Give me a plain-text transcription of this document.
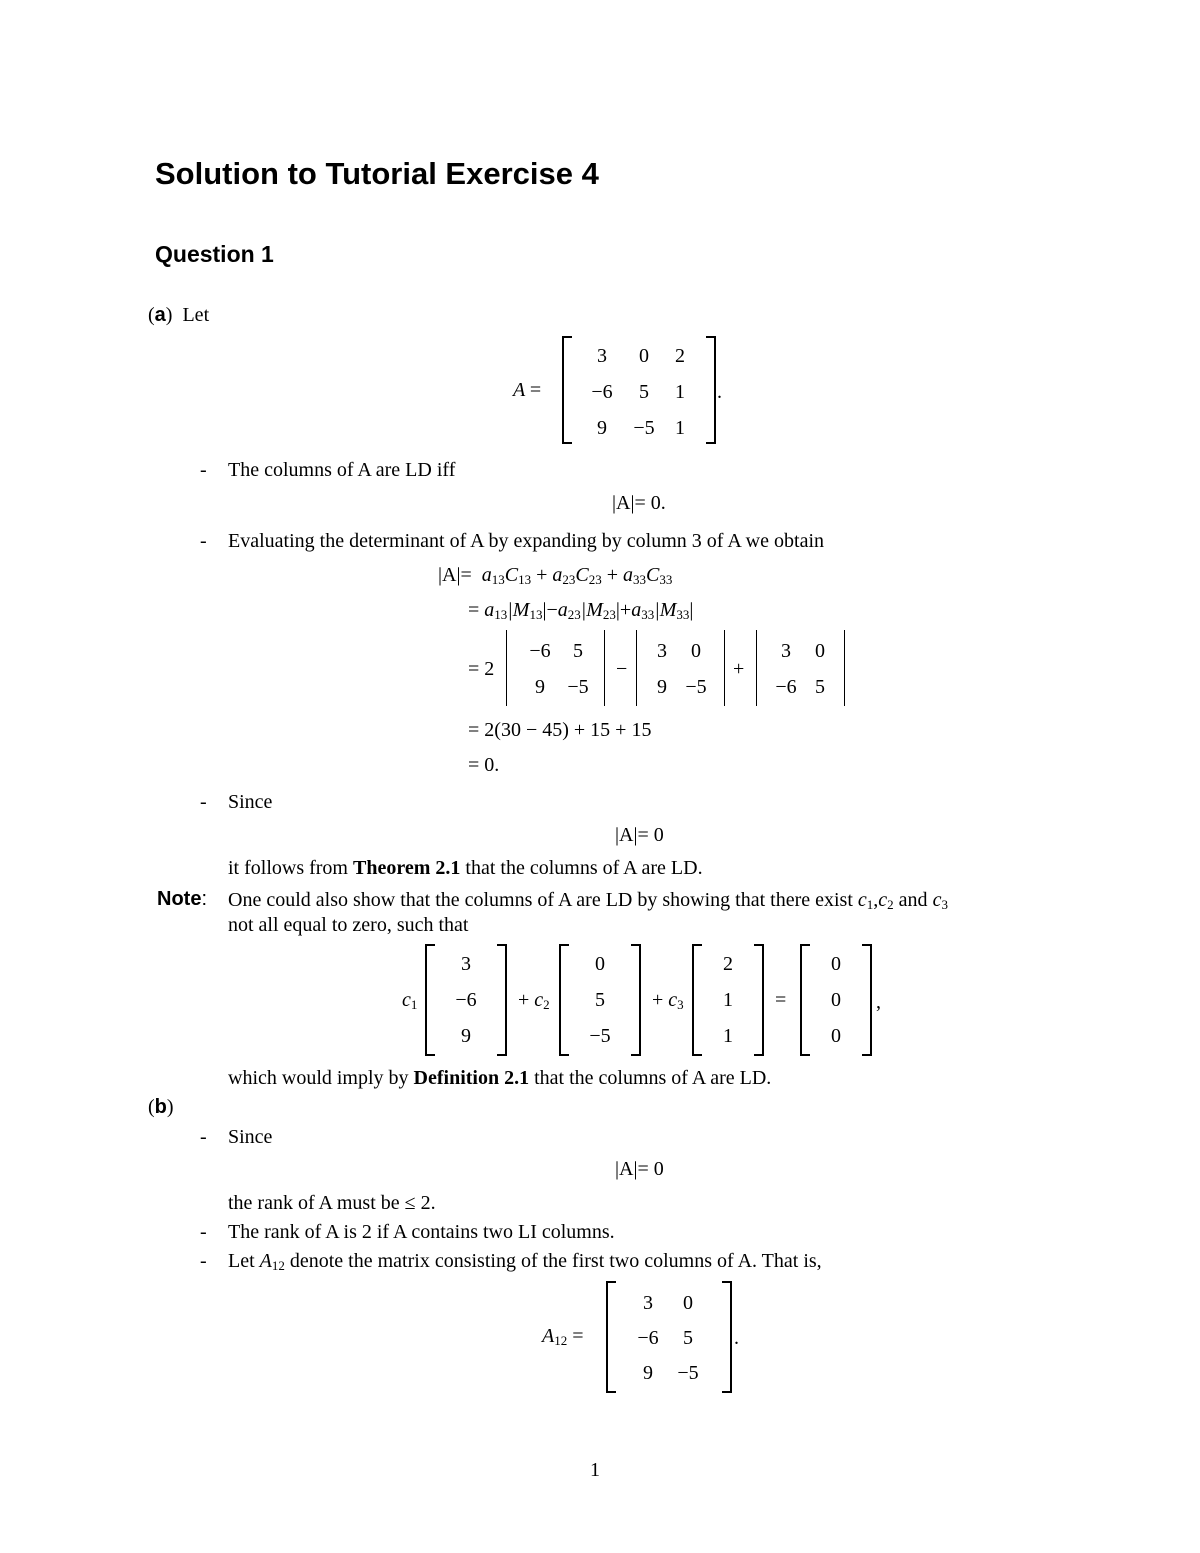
Solution to Tutorial Exercise 4
Question 1
(a)  Let
A =
3	0	2
−6	5	1
9	−5	1
.
- The columns of A are LD iff
|A|= 0.
- Evaluating the determinant of A by expanding by column 3 of A we obtain
$|A|= a_{13}C_{13} + a_{23}C_{23} + a_{33}C_{33}$
= $a_{13}|M_{13}|-a_{23}|M_{23}|+a_{33}|M_{33}|$
= 2
−6	5
9	−5
−
3	0
9 −5
+
3	0
−6 5
= 2(30 − 45) + 15 + 15
= 0.
- Since
|A|= 0
it follows from Theorem 2.1 that the columns of A are LD.
Note: One could also show that the columns of A are LD by showing that there exist $c_1,c_2$ and $c_3$
not all equal to zero, such that
$c_1$
3
−6
9
+ $c_2$
0
5
−5
+ $c_3$
2
1
1
=
0
0
0
,
which would imply by Definition 2.1 that the columns of A are LD.
(b)
- Since
|A|= 0
the rank of A must be ≤ 2.
- The rank of A is 2 if A contains two LI columns.
- Let $A_{12}$ denote the matrix consisting of the first two columns of A. That is,
$A_{12}$ =
3	0
−6	5
9	−5
.
1
